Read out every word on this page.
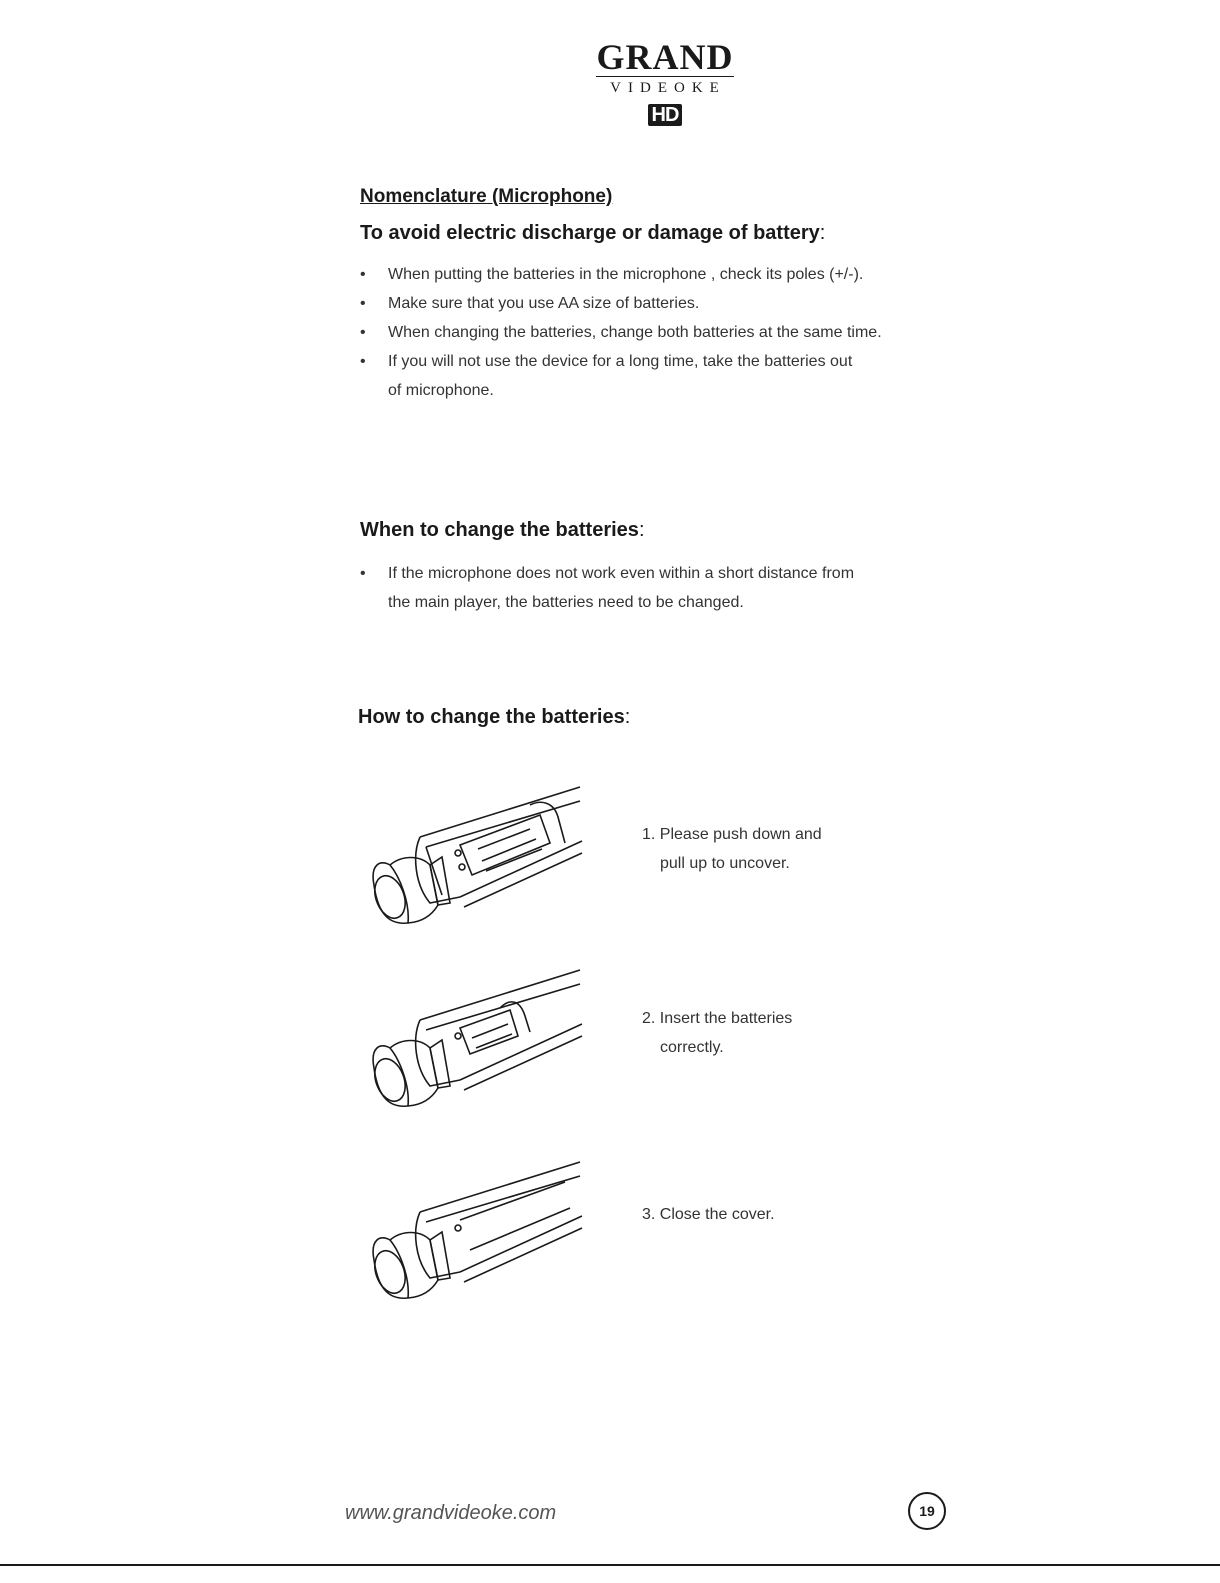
GRAND
VIDEOKE
HD
Nomenclature (Microphone)
To avoid electric discharge or damage of battery:
• When putting the batteries in the microphone , check its poles (+/-).
• Make sure that you use AA size of batteries.
• When changing the batteries, change both batteries at the same time.
• If you will not use the device for a long time, take the batteries out of microphone.
When to change the batteries:
• If the microphone does not work even within a short distance from the main player, the batteries need to be changed.
How to change the batteries:
1. Please push down and
pull up to uncover.
2. Insert the batteries
correctly.
3. Close the cover.
www.grandvideoke.com	19
